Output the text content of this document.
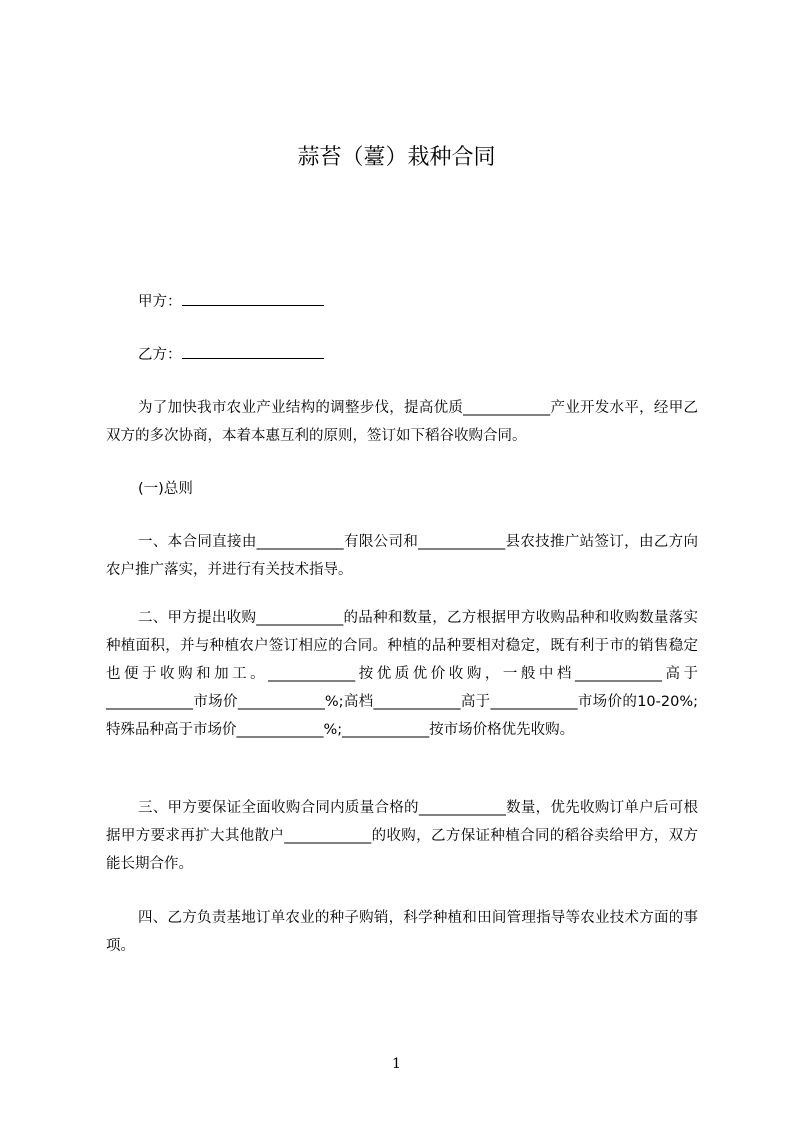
蒜苔（薹）栽种合同
甲方：
乙方：

为了加快我市农业产业结构的调整步伐，提高优质____________产业开发水平，经甲乙双方的多次协商，本着本惠互利的原则，签订如下稻谷收购合同。

(一)总则

一、本合同直接由____________有限公司和____________县农技推广站签订，由乙方向农户推广落实，并进行有关技术指导。

二、甲方提出收购____________的品种和数量，乙方根据甲方收购品种和收购数量落实种植面积，并与种植农户签订相应的合同。种植的品种要相对稳定，既有利于市的销售稳定也便于收购和加工。____________按优质优价收购，一般中档____________高于____________市场价____________%;高档____________高于____________市场价的10-20%;特殊品种高于市场价____________%;____________按市场价格优先收购。

三、甲方要保证全面收购合同内质量合格的____________数量，优先收购订单户后可根据甲方要求再扩大其他散户____________的收购，乙方保证种植合同的稻谷卖给甲方，双方能长期合作。

四、乙方负责基地订单农业的种子购销，科学种植和田间管理指导等农业技术方面的事项。

1
